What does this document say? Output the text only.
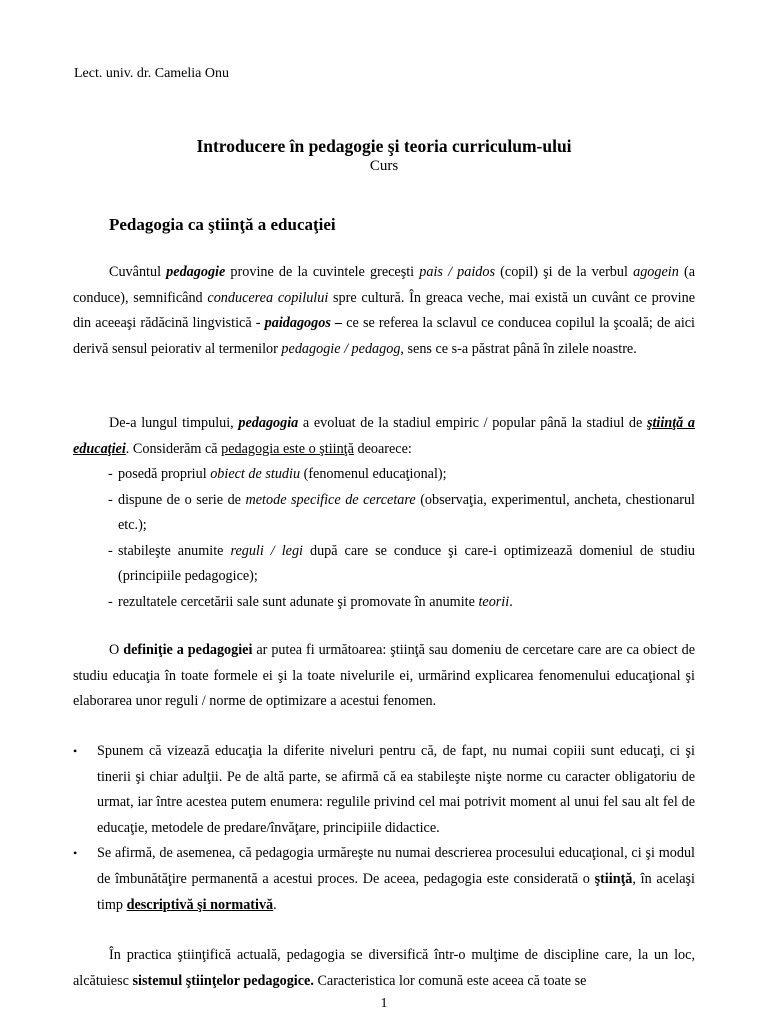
Lect. univ. dr. Camelia Onu
Introducere în pedagogie şi teoria curriculum-ului
Curs
Pedagogia ca ştiinţă a educaţiei
Cuvântul pedagogie provine de la cuvintele greceşti pais / paidos (copil) şi de la verbul agogein (a conduce), semnificând conducerea copilului spre cultură. În greaca veche, mai există un cuvânt ce provine din aceeaşi rădăcină lingvistică - paidagogos – ce se referea la sclavul ce conducea copilul la şcoală; de aici derivă sensul peiorativ al termenilor pedagogie / pedagog, sens ce s-a păstrat până în zilele noastre.
De-a lungul timpului, pedagogia a evoluat de la stadiul empiric / popular până la stadiul de ştiinţă a educaţiei. Considerăm că pedagogia este o ştiinţă deoarece:
- posedă propriul obiect de studiu (fenomenul educaţional);
- dispune de o serie de metode specifice de cercetare (observaţia, experimentul, ancheta, chestionarul etc.);
- stabileşte anumite reguli / legi după care se conduce şi care-i optimizează domeniul de studiu (principiile pedagogice);
- rezultatele cercetării sale sunt adunate şi promovate în anumite teorii.
O definiţie a pedagogiei ar putea fi următoarea: ştiinţă sau domeniu de cercetare care are ca obiect de studiu educaţia în toate formele ei şi la toate nivelurile ei, urmărind explicarea fenomenului educaţional şi elaborarea unor reguli / norme de optimizare a acestui fenomen.
• Spunem că vizează educaţia la diferite niveluri pentru că, de fapt, nu numai copiii sunt educaţi, ci şi tinerii şi chiar adulţii. Pe de altă parte, se afirmă că ea stabileşte nişte norme cu caracter obligatoriu de urmat, iar între acestea putem enumera: regulile privind cel mai potrivit moment al unui fel sau alt fel de educaţie, metodele de predare/învăţare, principiile didactice.
• Se afirmă, de asemenea, că pedagogia urmăreşte nu numai descrierea procesului educaţional, ci şi modul de îmbunătăţire permanentă a acestui proces. De aceea, pedagogia este considerată o ştiinţă, în acelaşi timp descriptivă şi normativă.
În practica ştiinţifică actuală, pedagogia se diversifică într-o mulţime de discipline care, la un loc, alcătuiesc sistemul ştiinţelor pedagogice. Caracteristica lor comună este aceea că toate se
1
